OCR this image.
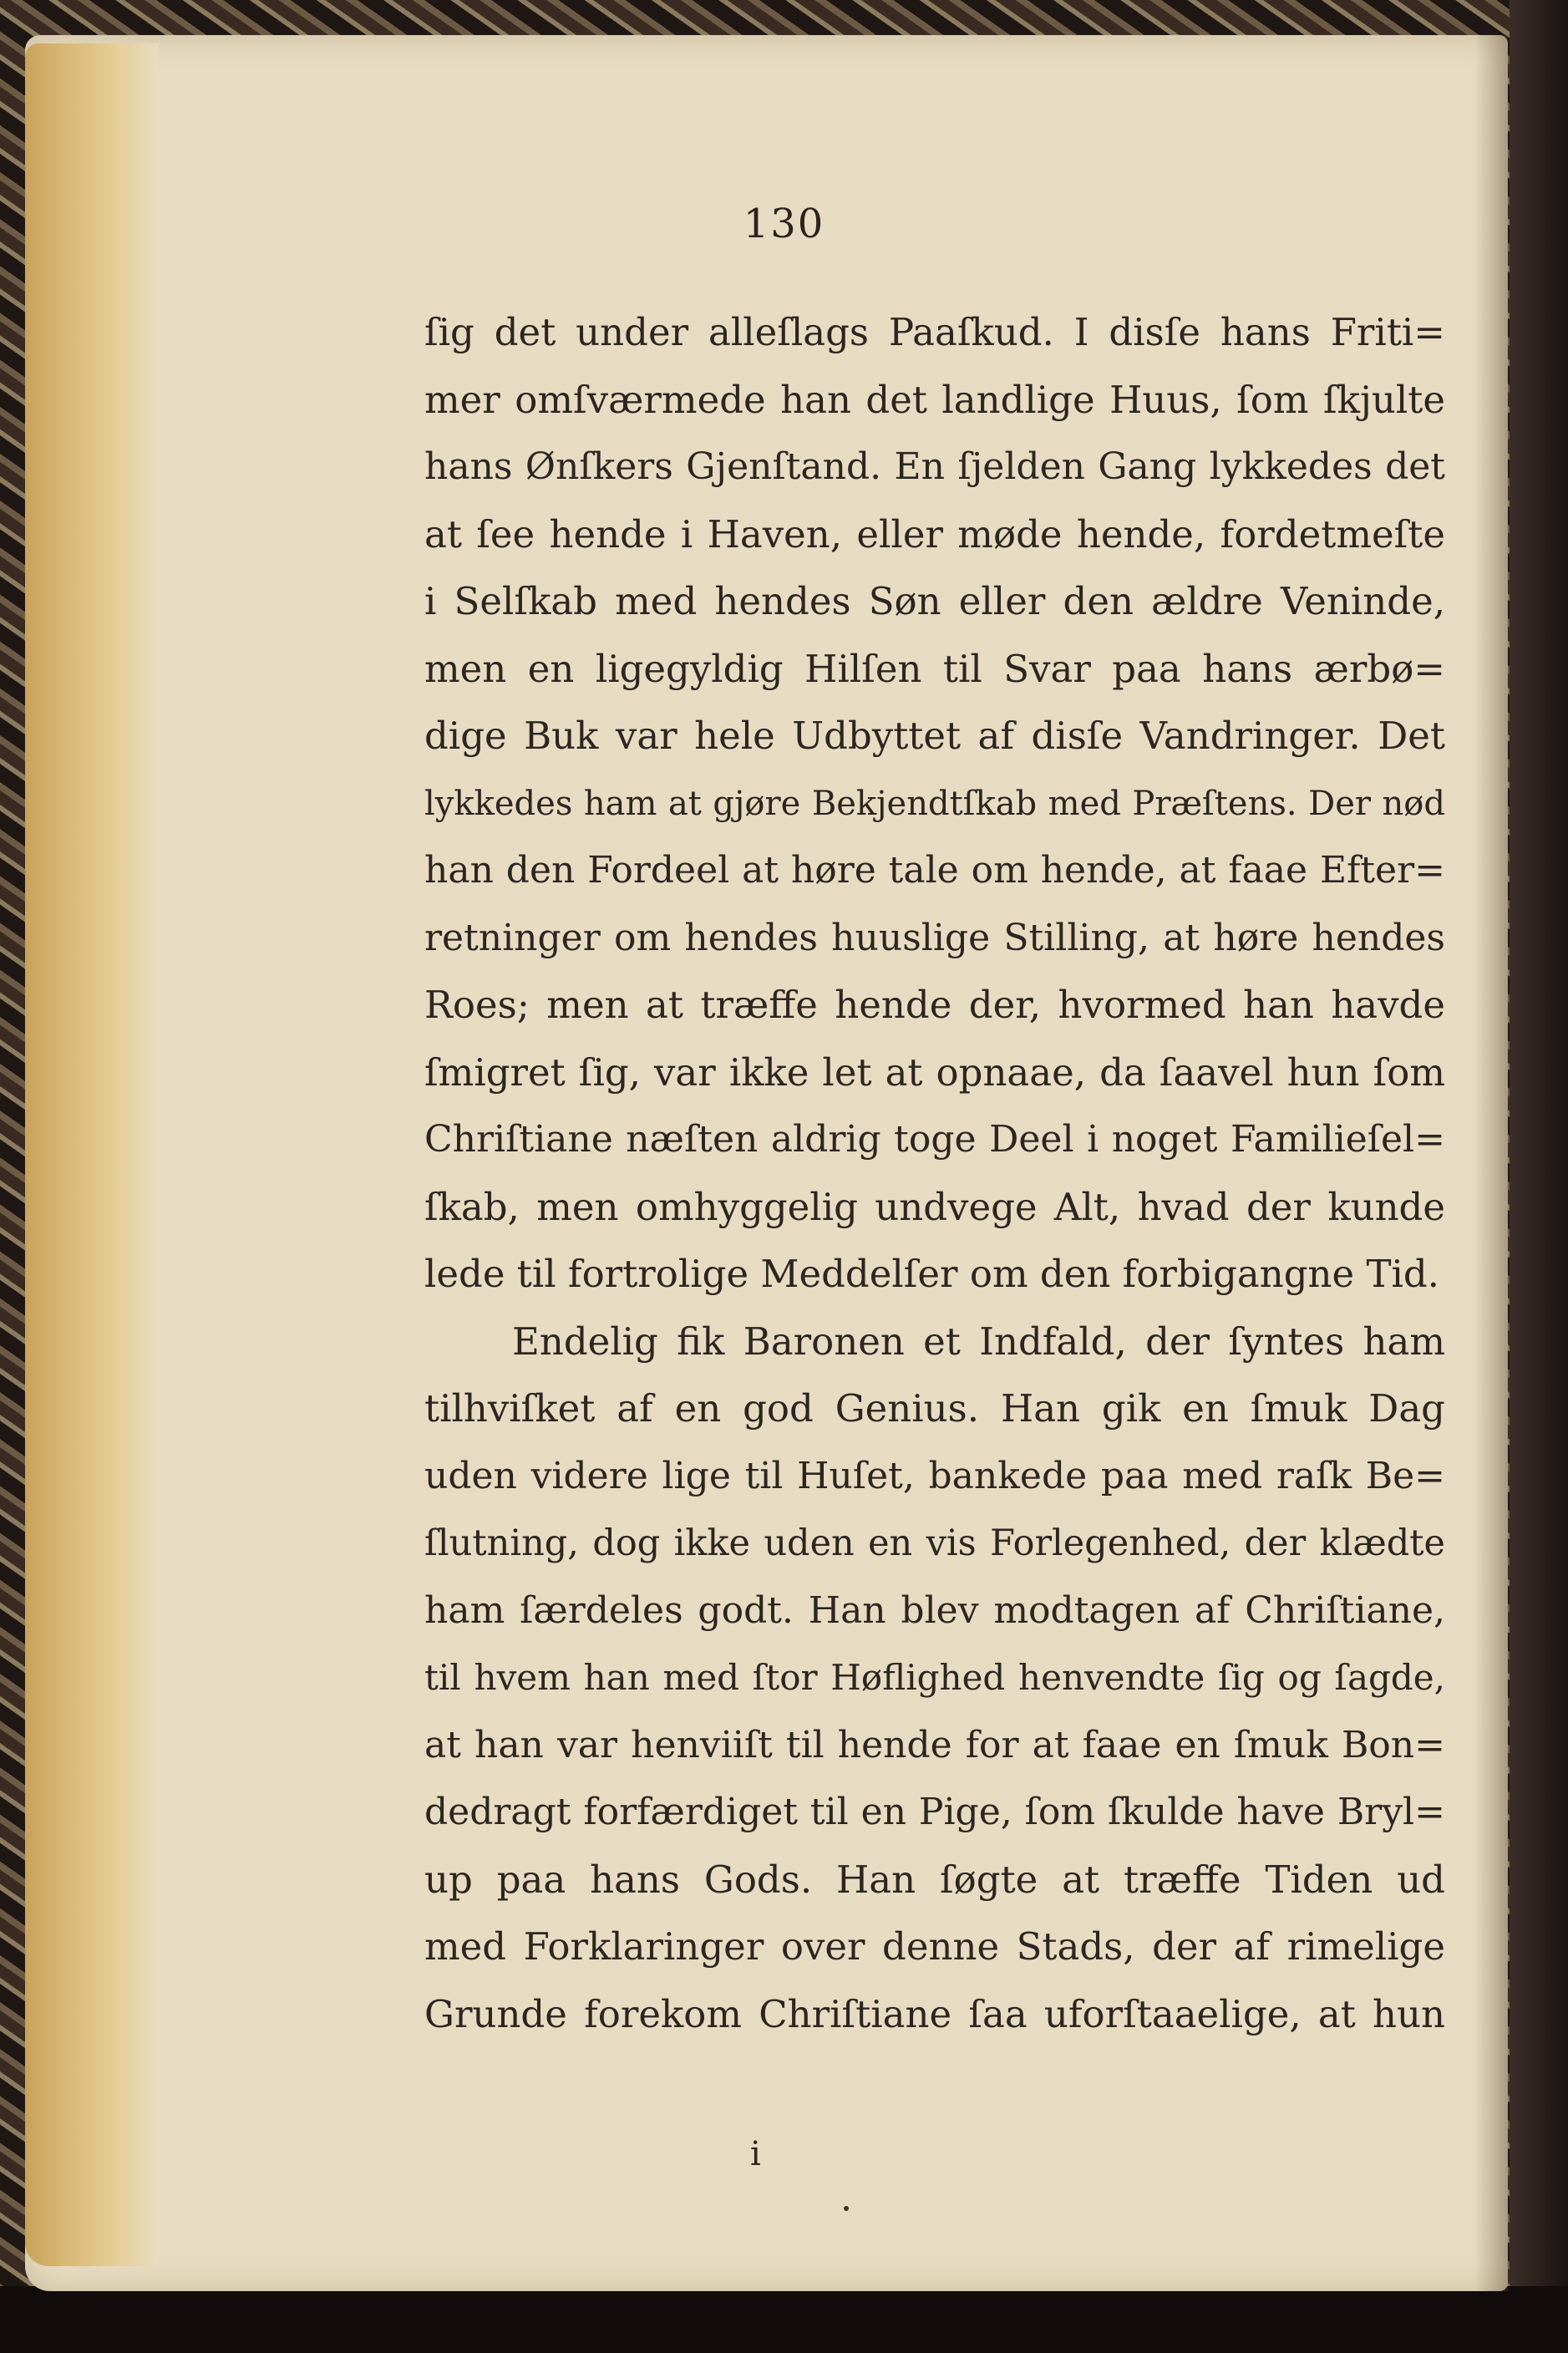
130
ſig det under alleſlags Paaſkud. I disſe hans Friti=
mer omſværmede han det landlige Huus, ſom ſkjulte
hans Ønſkers Gjenſtand. En ſjelden Gang lykkedes det
at ſee hende i Haven, eller møde hende, fordetmeſte
i Selſkab med hendes Søn eller den ældre Veninde,
men en ligegyldig Hilſen til Svar paa hans ærbø=
dige Buk var hele Udbyttet af disſe Vandringer. Det
lykkedes ham at gjøre Bekjendtſkab med Præſtens. Der nød
han den Fordeel at høre tale om hende, at faae Efter=
retninger om hendes huuslige Stilling, at høre hendes
Roes; men at træffe hende der, hvormed han havde
ſmigret ſig, var ikke let at opnaae, da ſaavel hun ſom
Chriſtiane næſten aldrig toge Deel i noget Familieſel=
ſkab, men omhyggelig undvege Alt, hvad der kunde
lede til fortrolige Meddelſer om den forbigangne Tid.
Endelig fik Baronen et Indfald, der ſyntes ham
tilhviſket af en god Genius. Han gik en ſmuk Dag
uden videre lige til Huſet, bankede paa med raſk Be=
ſlutning, dog ikke uden en vis Forlegenhed, der klædte
ham ſærdeles godt. Han blev modtagen af Chriſtiane,
til hvem han med ſtor Høflighed henvendte ſig og ſagde,
at han var henviiſt til hende for at faae en ſmuk Bon=
dedragt forfærdiget til en Pige, ſom ſkulde have Bryl=
up paa hans Gods. Han ſøgte at træffe Tiden ud
med Forklaringer over denne Stads, der af rimelige
Grunde forekom Chriſtiane ſaa uforſtaaelige, at hun
i
